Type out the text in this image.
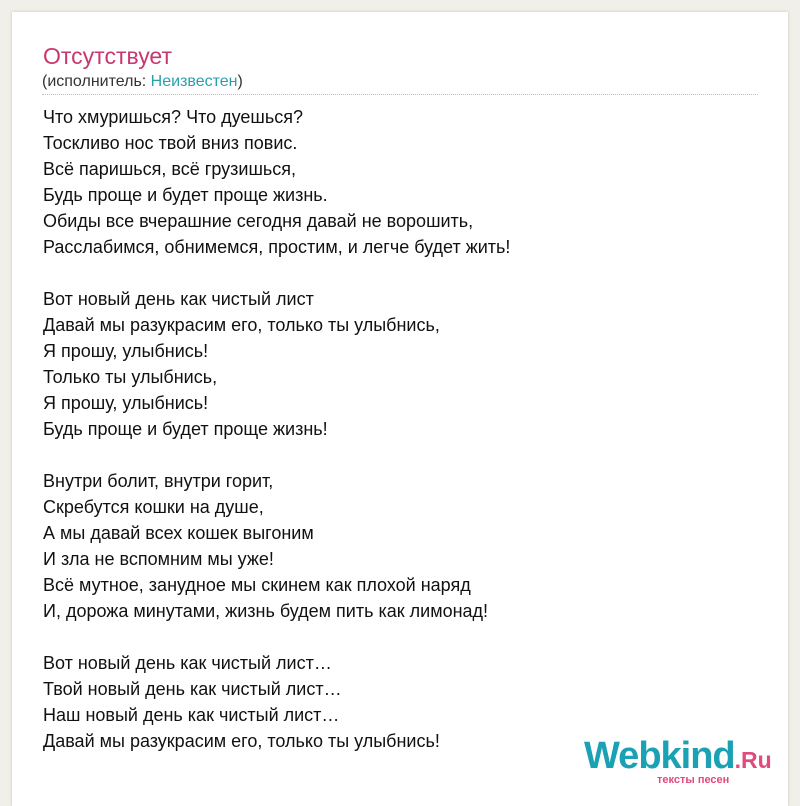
Отсутствует
(исполнитель: Неизвестен)
Что хмуришься? Что дуешься?
Тоскливо нос твой вниз повис.
Всё паришься, всё грузишься,
Будь проще и будет проще жизнь.
Обиды все вчерашние сегодня давай не ворошить,
Расслабимся, обнимемся, простим, и легче будет жить!
Вот новый день как чистый лист
Давай мы разукрасим его, только ты улыбнись,
Я прошу, улыбнись!
Только ты улыбнись,
Я прошу, улыбнись!
Будь проще и будет проще жизнь!
Внутри болит, внутри горит,
Скребутся кошки на душе,
А мы давай всех кошек выгоним
И зла не вспомним мы уже!
Всё мутное, занудное мы скинем как плохой наряд
И, дорожа минутами, жизнь будем пить как лимонад!
Вот новый день как чистый лист…
Твой новый день как чистый лист…
Наш новый день как чистый лист…
Давай мы разукрасим его, только ты улыбнись!	Webkind.Ru
тексты песен
